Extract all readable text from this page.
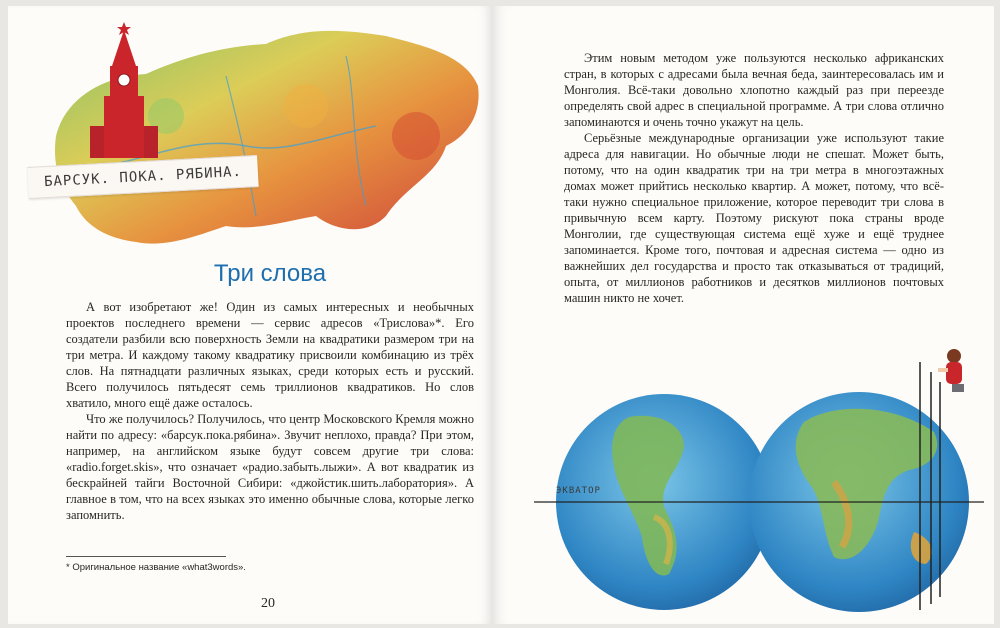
БАРСУК. ПОКА. РЯБИНА.
Три слова

А вот изобретают же! Один из самых интересных и необычных проектов последнего времени — сервис адресов «Трислова»*. Его создатели разбили всю поверхность Земли на квадратики размером три на три метра. И каждому такому квадратику присвоили комбинацию из трёх слов. На пятнадцати различных языках, среди которых есть и русский. Всего получилось пятьдесят семь триллионов квадратиков. Но слов хватило, много ещё даже осталось.

Что же получилось? Получилось, что центр Московского Кремля можно найти по адресу: «барсук.пока.рябина». Звучит неплохо, правда? При этом, например, на английском языке будут совсем другие три слова: «radio.forget.skis», что означает «радио.забыть.лыжи». А вот квадратик из бескрайней тайги Восточной Сибири: «джойстик.шить.лаборатория». А главное в том, что на всех языках это именно обычные слова, которые легко запомнить.

* Оригинальное название «what3words».
20

Этим новым методом уже пользуются несколько африканских стран, в которых с адресами была вечная беда, заинтересовалась им и Монголия. Всё-таки довольно хлопотно каждый раз при переезде определять свой адрес в специальной программе. А три слова отлично запоминаются и очень точно укажут на цель.

Серьёзные международные организации уже используют такие адреса для навигации. Но обычные люди не спешат. Может быть, потому, что на один квадратик три на три метра в многоэтажных домах может прийтись несколько квартир. А может, потому, что всё-таки нужно специальное приложение, которое переводит три слова в привычную всем карту. Поэтому рискуют пока страны вроде Монголии, где существующая система ещё хуже и ещё труднее запоминается. Кроме того, почтовая и адресная система — одно из важнейших дел государства и просто так отказываться от традиций, опыта, от миллионов работников и десятков миллионов почтовых машин никто не хочет.

ЭКВАТОР
